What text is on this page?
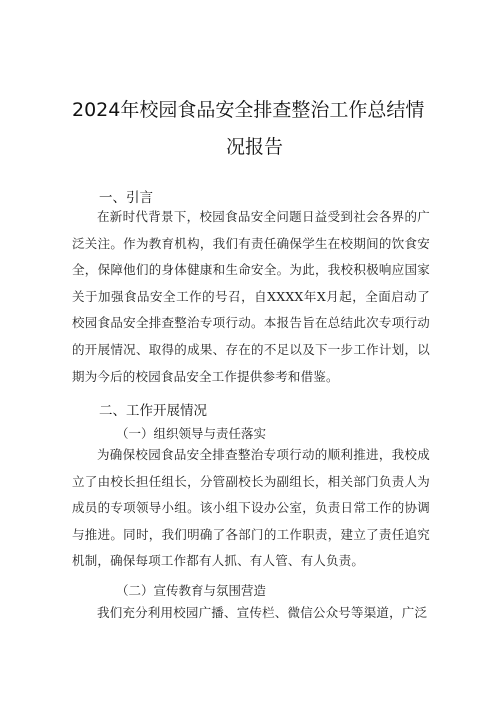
2024年校园食品安全排查整治工作总结情
况报告
一、引言
在新时代背景下，校园食品安全问题日益受到社会各界的广泛关注。作为教育机构，我们有责任确保学生在校期间的饮食安全，保障他们的身体健康和生命安全。为此，我校积极响应国家关于加强食品安全工作的号召，自XXXX年X月起，全面启动了校园食品安全排查整治专项行动。本报告旨在总结此次专项行动的开展情况、取得的成果、存在的不足以及下一步工作计划，以期为今后的校园食品安全工作提供参考和借鉴。
二、工作开展情况
（一）组织领导与责任落实
为确保校园食品安全排查整治专项行动的顺利推进，我校成立了由校长担任组长，分管副校长为副组长，相关部门负责人为成员的专项领导小组。该小组下设办公室，负责日常工作的协调与推进。同时，我们明确了各部门的工作职责，建立了责任追究机制，确保每项工作都有人抓、有人管、有人负责。
（二）宣传教育与氛围营造
我们充分利用校园广播、宣传栏、微信公众号等渠道，广泛
